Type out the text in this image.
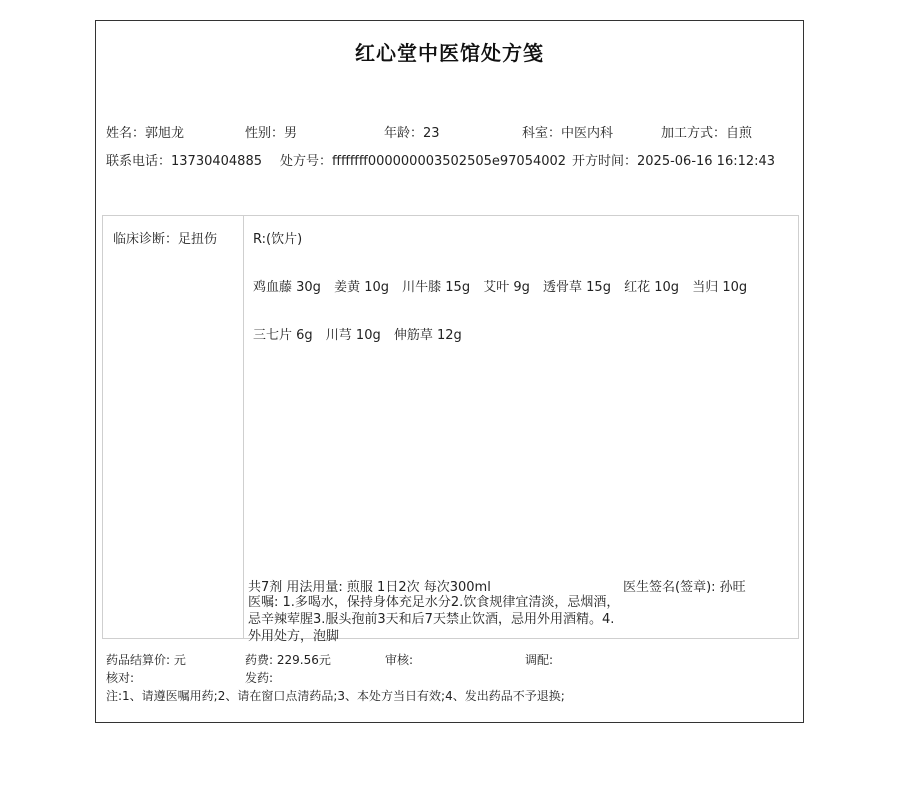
红心堂中医馆处方笺
姓名：郭旭龙	性别：男	年龄：23	科室：中医内科	加工方式：自煎
联系电话：13730404885 处方号：ffffffff000000003502505e97054002 开方时间：2025-06-16 16:12:43
临床诊断：足扭伤	R:(饮片)
鸡血藤 30g 姜黄 10g 川牛膝 15g 艾叶 9g 透骨草 15g 红花 10g 当归 10g
三七片 6g 川芎 10g 伸筋草 12g
共7剂 用法用量: 煎服 1日2次 每次300ml	医生签名(签章): 孙旺
医嘱: 1.多喝水，保持身体充足水分2.饮食规律宜清淡，忌烟酒，忌辛辣荤腥3.服头孢前3天和后7天禁止饮酒，忌用外用酒精。4.外用处方，泡脚
药品结算价: 元	药费: 229.56元	审核:	调配:
核对:	发药:
注:1、请遵医嘱用药;2、请在窗口点清药品;3、本处方当日有效;4、发出药品不予退换;
